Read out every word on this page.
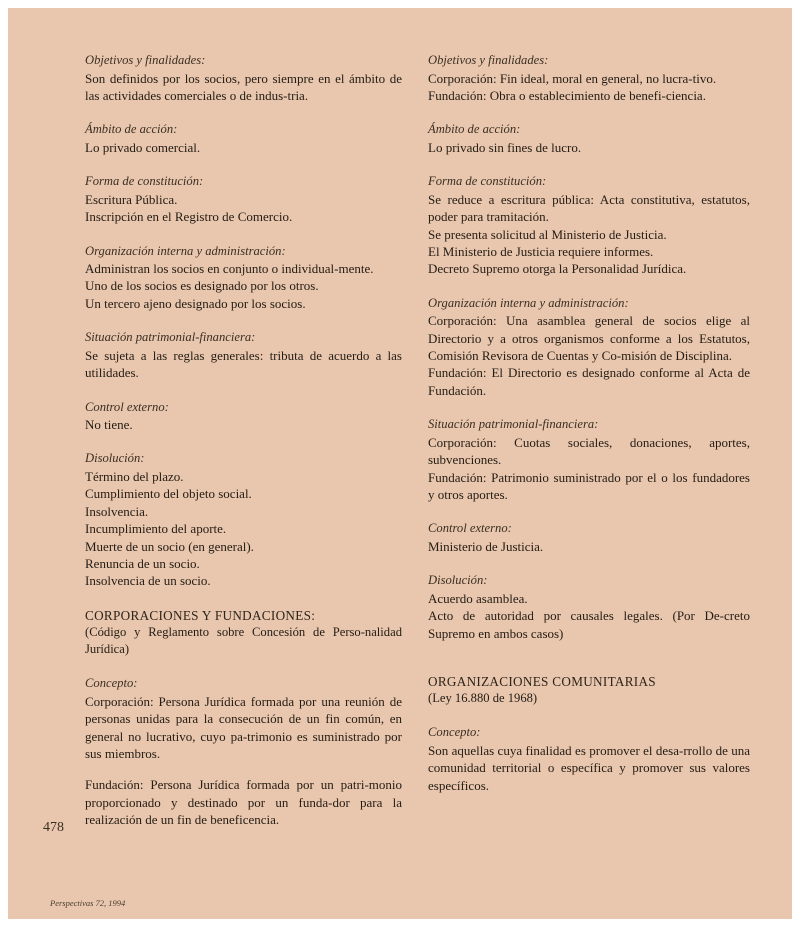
Objetivos y finalidades:
Son definidos por los socios, pero siempre en el ámbito de las actividades comerciales o de indus-tria.
Ámbito de acción:
Lo privado comercial.
Forma de constitución:
Escritura Pública.
Inscripción en el Registro de Comercio.
Organización interna y administración:
Administran los socios en conjunto o individual-mente.
Uno de los socios es designado por los otros.
Un tercero ajeno designado por los socios.
Situación patrimonial-financiera:
Se sujeta a las reglas generales: tributa de acuerdo a las utilidades.
Control externo:
No tiene.
Disolución:
Término del plazo.
Cumplimiento del objeto social.
Insolvencia.
Incumplimiento del aporte.
Muerte de un socio (en general).
Renuncia de un socio.
Insolvencia de un socio.
CORPORACIONES Y FUNDACIONES:
(Código y Reglamento sobre Concesión de Perso-nalidad Jurídica)
Concepto:
Corporación: Persona Jurídica formada por una reunión de personas unidas para la consecución de un fin común, en general no lucrativo, cuyo pa-trimonio es suministrado por sus miembros.
Fundación: Persona Jurídica formada por un patri-monio proporcionado y destinado por un funda-dor para la realización de un fin de beneficencia.
Objetivos y finalidades:
Corporación: Fin ideal, moral en general, no lucra-tivo.
Fundación: Obra o establecimiento de benefi-ciencia.
Ámbito de acción:
Lo privado sin fines de lucro.
Forma de constitución:
Se reduce a escritura pública: Acta constitutiva, estatutos, poder para tramitación.
Se presenta solicitud al Ministerio de Justicia.
El Ministerio de Justicia requiere informes.
Decreto Supremo otorga la Personalidad Jurídica.
Organización interna y administración:
Corporación: Una asamblea general de socios elige al Directorio y a otros organismos conforme a los Estatutos, Comisión Revisora de Cuentas y Co-misión de Disciplina.
Fundación: El Directorio es designado conforme al Acta de Fundación.
Situación patrimonial-financiera:
Corporación: Cuotas sociales, donaciones, aportes, subvenciones.
Fundación: Patrimonio suministrado por el o los fundadores y otros aportes.
Control externo:
Ministerio de Justicia.
Disolución:
Acuerdo asamblea.
Acto de autoridad por causales legales. (Por De-creto Supremo en ambos casos)
ORGANIZACIONES COMUNITARIAS
(Ley 16.880 de 1968)
Concepto:
Son aquellas cuya finalidad es promover el desa-rrollo de una comunidad territorial o específica y promover sus valores específicos.
478
Perspectivas 72, 1994
